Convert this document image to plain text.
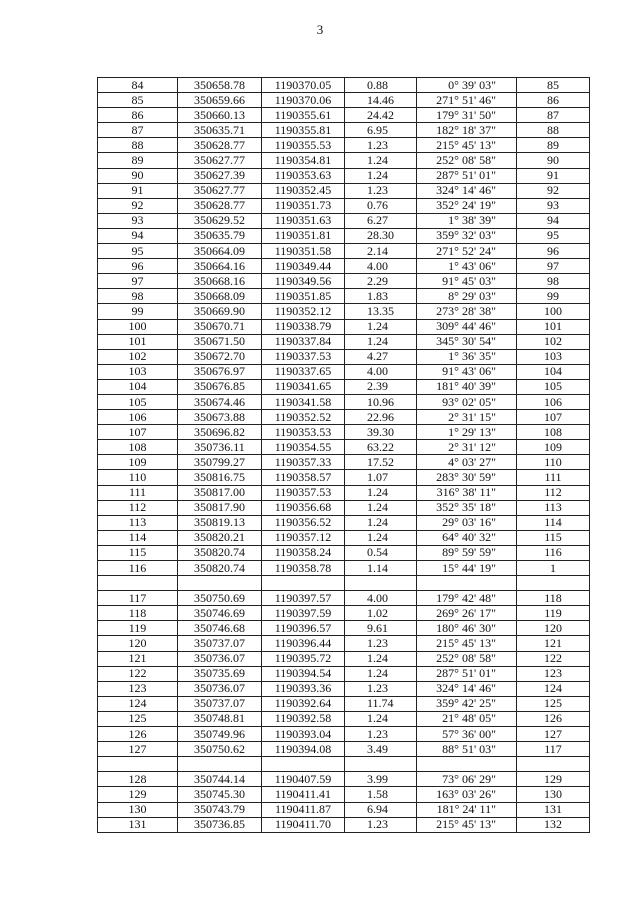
3
84	350658.78	1190370.05	0.88	0° 39' 03"	85
85	350659.66	1190370.06	14.46	271° 51' 46"	86
86	350660.13	1190355.61	24.42	179° 31' 50"	87
87	350635.71	1190355.81	6.95	182° 18' 37"	88
88	350628.77	1190355.53	1.23	215° 45' 13"	89
89	350627.77	1190354.81	1.24	252° 08' 58"	90
90	350627.39	1190353.63	1.24	287° 51' 01"	91
91	350627.77	1190352.45	1.23	324° 14' 46"	92
92	350628.77	1190351.73	0.76	352° 24' 19"	93
93	350629.52	1190351.63	6.27	1° 38' 39"	94
94	350635.79	1190351.81	28.30	359° 32' 03"	95
95	350664.09	1190351.58	2.14	271° 52' 24"	96
96	350664.16	1190349.44	4.00	1° 43' 06"	97
97	350668.16	1190349.56	2.29	91° 45' 03"	98
98	350668.09	1190351.85	1.83	8° 29' 03"	99
99	350669.90	1190352.12	13.35	273° 28' 38"	100
100	350670.71	1190338.79	1.24	309° 44' 46"	101
101	350671.50	1190337.84	1.24	345° 30' 54"	102
102	350672.70	1190337.53	4.27	1° 36' 35"	103
103	350676.97	1190337.65	4.00	91° 43' 06"	104
104	350676.85	1190341.65	2.39	181° 40' 39"	105
105	350674.46	1190341.58	10.96	93° 02' 05"	106
106	350673.88	1190352.52	22.96	2° 31' 15"	107
107	350696.82	1190353.53	39.30	1° 29' 13"	108
108	350736.11	1190354.55	63.22	2° 31' 12"	109
109	350799.27	1190357.33	17.52	4° 03' 27"	110
110	350816.75	1190358.57	1.07	283° 30' 59"	111
111	350817.00	1190357.53	1.24	316° 38' 11"	112
112	350817.90	1190356.68	1.24	352° 35' 18"	113
113	350819.13	1190356.52	1.24	29° 03' 16"	114
114	350820.21	1190357.12	1.24	64° 40' 32"	115
115	350820.74	1190358.24	0.54	89° 59' 59"	116
116	350820.74	1190358.78	1.14	15° 44' 19"	1

117	350750.69	1190397.57	4.00	179° 42' 48"	118
118	350746.69	1190397.59	1.02	269° 26' 17"	119
119	350746.68	1190396.57	9.61	180° 46' 30"	120
120	350737.07	1190396.44	1.23	215° 45' 13"	121
121	350736.07	1190395.72	1.24	252° 08' 58"	122
122	350735.69	1190394.54	1.24	287° 51' 01"	123
123	350736.07	1190393.36	1.23	324° 14' 46"	124
124	350737.07	1190392.64	11.74	359° 42' 25"	125
125	350748.81	1190392.58	1.24	21° 48' 05"	126
126	350749.96	1190393.04	1.23	57° 36' 00"	127
127	350750.62	1190394.08	3.49	88° 51' 03"	117

128	350744.14	1190407.59	3.99	73° 06' 29"	129
129	350745.30	1190411.41	1.58	163° 03' 26"	130
130	350743.79	1190411.87	6.94	181° 24' 11"	131
131	350736.85	1190411.70	1.23	215° 45' 13"	132
